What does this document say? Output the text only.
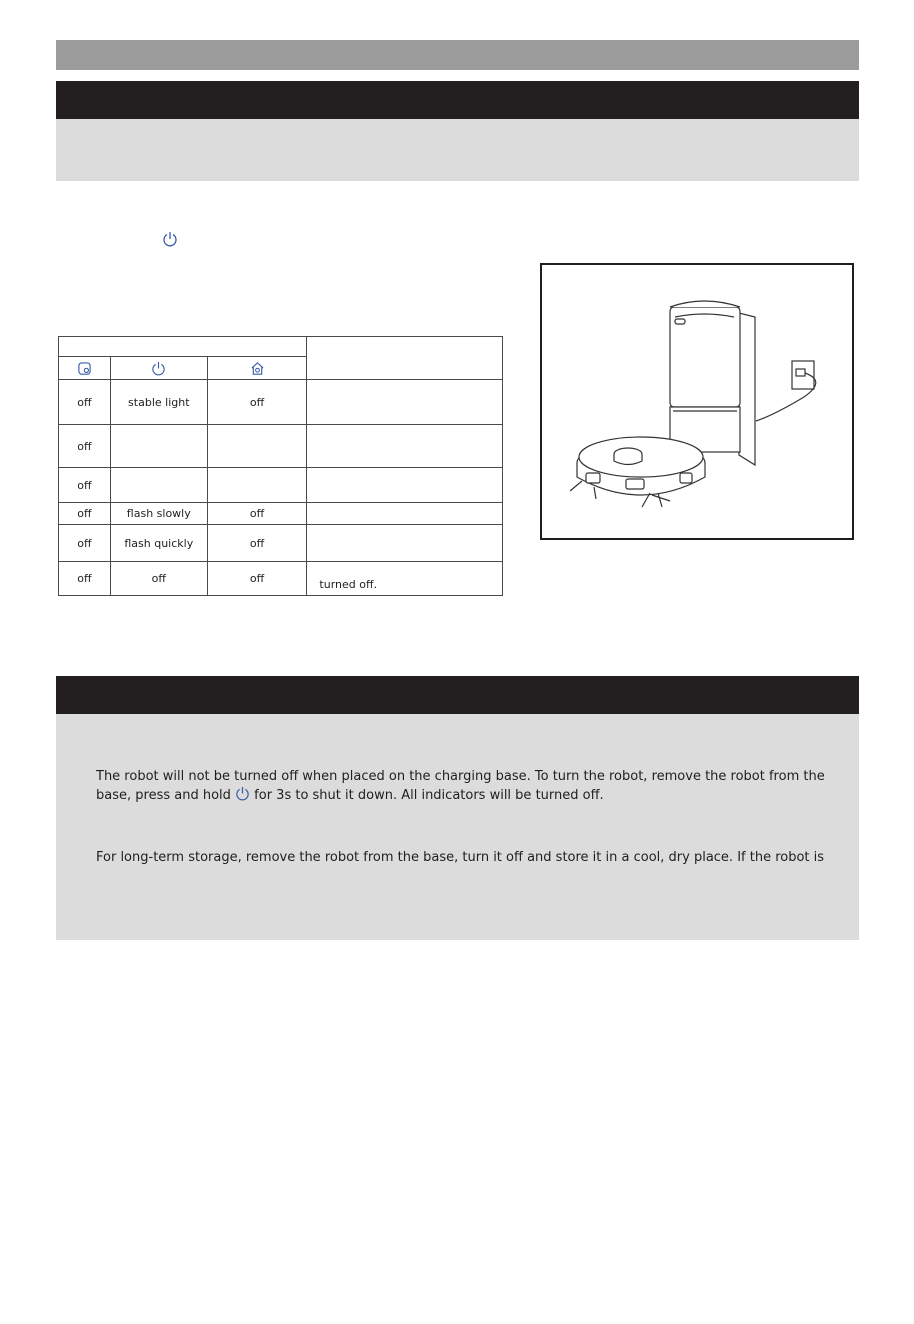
off	stable light	off	
off			
off			
off	flash slowly	off	
off	flash quickly	off	
off	off	off	turned off.
The robot will not be turned off when placed on the charging base. To turn the robot, remove the robot from the
base, press and hold for 3s to shut it down. All indicators will be turned off.
For long-term storage, remove the robot from the base, turn it off and store it in a cool, dry place. If the robot is
